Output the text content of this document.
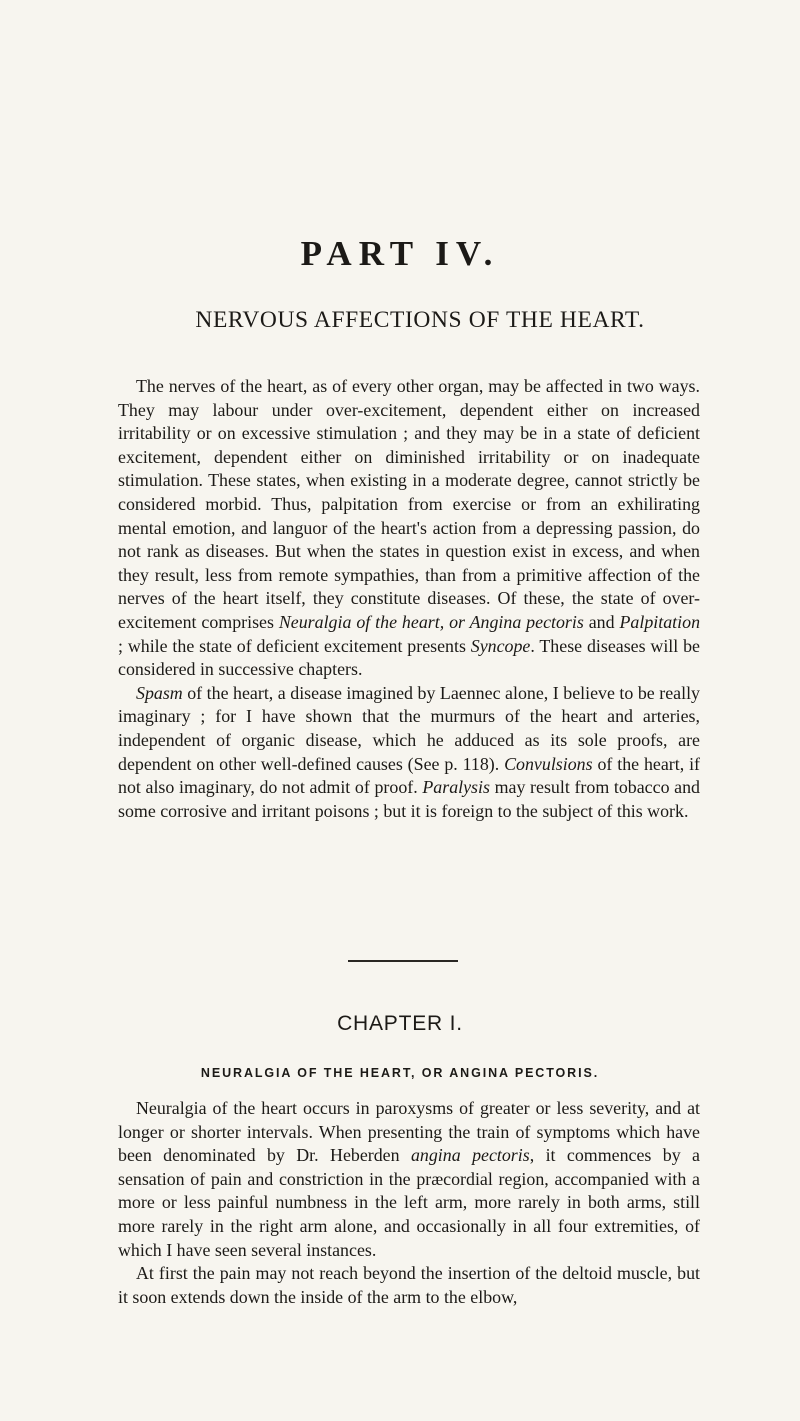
PART IV.
NERVOUS AFFECTIONS OF THE HEART.

The nerves of the heart, as of every other organ, may be affected in two ways. They may labour under over-excitement, dependent either on increased irritability or on excessive stimulation ; and they may be in a state of deficient excitement, dependent either on diminished irritability or on inadequate stimulation. These states, when existing in a moderate degree, cannot strictly be considered morbid. Thus, palpitation from exercise or from an exhilirating mental emotion, and languor of the heart's action from a depressing passion, do not rank as diseases. But when the states in question exist in excess, and when they result, less from remote sympathies, than from a primitive affection of the nerves of the heart itself, they constitute diseases. Of these, the state of over-excitement comprises Neuralgia of the heart, or Angina pectoris and Palpitation ; while the state of deficient excitement presents Syncope. These diseases will be considered in successive chapters.

Spasm of the heart, a disease imagined by Laennec alone, I believe to be really imaginary ; for I have shown that the murmurs of the heart and arteries, independent of organic disease, which he adduced as its sole proofs, are dependent on other well-defined causes (See p. 118). Convulsions of the heart, if not also imaginary, do not admit of proof. Paralysis may result from tobacco and some corrosive and irritant poisons ; but it is foreign to the subject of this work.

CHAPTER I.
NEURALGIA OF THE HEART, OR ANGINA PECTORIS.

Neuralgia of the heart occurs in paroxysms of greater or less severity, and at longer or shorter intervals. When presenting the train of symptoms which have been denominated by Dr. Heberden angina pectoris, it commences by a sensation of pain and constriction in the præcordial region, accompanied with a more or less painful numbness in the left arm, more rarely in both arms, still more rarely in the right arm alone, and occasionally in all four extremities, of which I have seen several instances.

At first the pain may not reach beyond the insertion of the deltoid muscle, but it soon extends down the inside of the arm to the elbow,
